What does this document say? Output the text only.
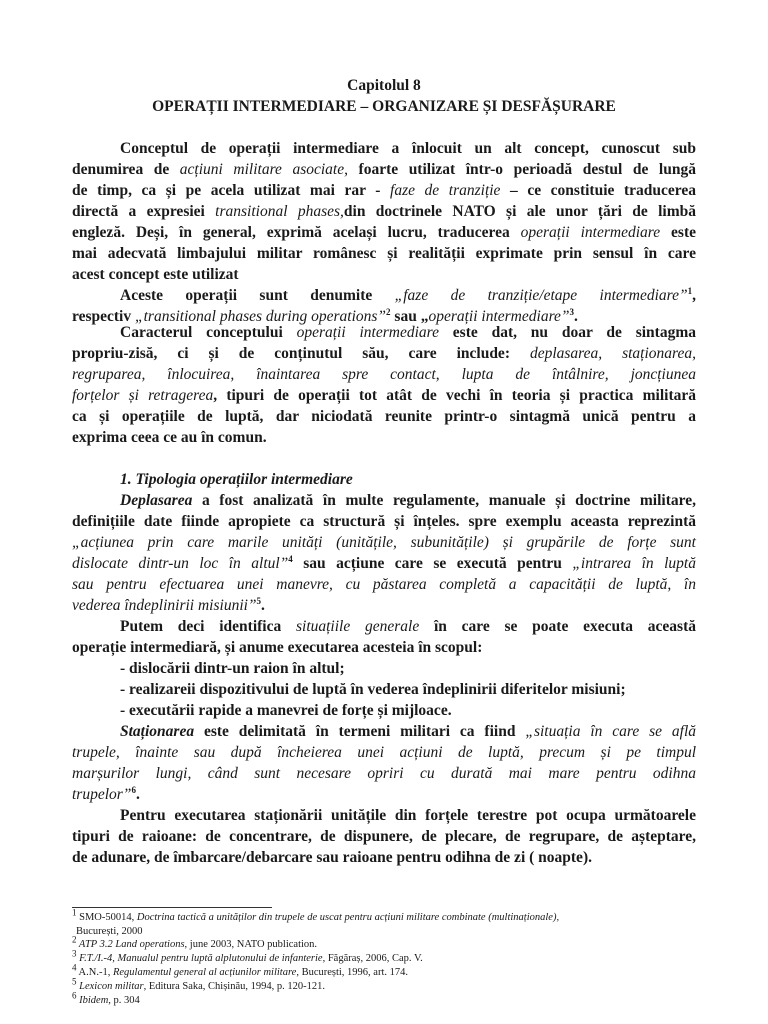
Capitolul 8
OPERAȚII INTERMEDIARE – ORGANIZARE ȘI DESFĂȘURARE
Conceptul de operații intermediare a înlocuit un alt concept, cunoscut sub
denumirea de acțiuni militare asociate, foarte utilizat într-o perioadă destul de lungă
de timp, ca și pe acela utilizat mai rar - faze de tranziție – ce constituie traducerea
directă a expresiei transitional phases,din doctrinele NATO și ale unor țări de limbă
engleză. Deși, în general, exprimă același lucru, traducerea operații intermediare este
mai adecvată limbajului militar românesc și realității exprimate prin sensul în care
acest concept este utilizat
Aceste operații sunt denumite „faze de tranziție/etape intermediare”$^1$,
respectiv „transitional phases during operations”$^2$ sau „operații intermediare”$^3$.
Caracterul conceptului operații intermediare este dat, nu doar de sintagma
propriu-zisă, ci și de conținutul său, care include: deplasarea, staționarea,
regruparea, înlocuirea, înaintarea spre contact, lupta de întâlnire, joncțiunea
forțelor și retragerea, tipuri de operații tot atât de vechi în teoria și practica militară
ca și operațiile de luptă, dar niciodată reunite printr-o sintagmă unică pentru a
exprima ceea ce au în comun.
1. Tipologia operațiilor intermediare
Deplasarea a fost analizată în multe regulamente, manuale și doctrine militare,
definițiile date fiinde apropiete ca structură și înțeles. spre exemplu aceasta reprezintă
„acțiunea prin care marile unități (unitățile, subunitățile) și grupările de forțe sunt
dislocate dintr-un loc în altul”$^4$ sau acțiune care se execută pentru „intrarea în luptă
sau pentru efectuarea unei manevre, cu păstarea completă a capacității de luptă, în
vederea îndeplinirii misiunii”$^5$.
Putem deci identifica situațiile generale în care se poate executa această
operație intermediară, și anume executarea acesteia în scopul:
- dislocării dintr-un raion în altul;
- realizareii dispozitivului de luptă în vederea îndeplinirii diferitelor misiuni;
- executării rapide a manevrei de forțe și mijloace.
Staționarea este delimitată în termeni militari ca fiind „situația în care se află
trupele, înainte sau după încheierea unei acțiuni de luptă, precum și pe timpul
marșurilor lungi, când sunt necesare opriri cu durată mai mare pentru odihna
trupelor”$^6$.
Pentru executarea staționării unitățile din forțele terestre pot ocupa următoarele
tipuri de raioane: de concentrare, de dispunere, de plecare, de regrupare, de așteptare,
de adunare, de îmbarcare/debarcare sau raioane pentru odihna de zi ( noapte).
$^1$ SMO-50014, Doctrina tactică a unităților din trupele de uscat pentru acțiuni militare combinate (multinaționale),
București, 2000
$^2$ ATP 3.2 Land operations, june 2003, NATO publication.
$^3$ F.T./I.-4, Manualul pentru luptă alplutonului de infanterie, Făgăraș, 2006, Cap. V.
$^4$ A.N.-1, Regulamentul general al acțiunilor militare, București, 1996, art. 174.
$^5$ Lexicon militar, Editura Saka, Chișinău, 1994, p. 120-121.
$^6$ Ibidem, p. 304
